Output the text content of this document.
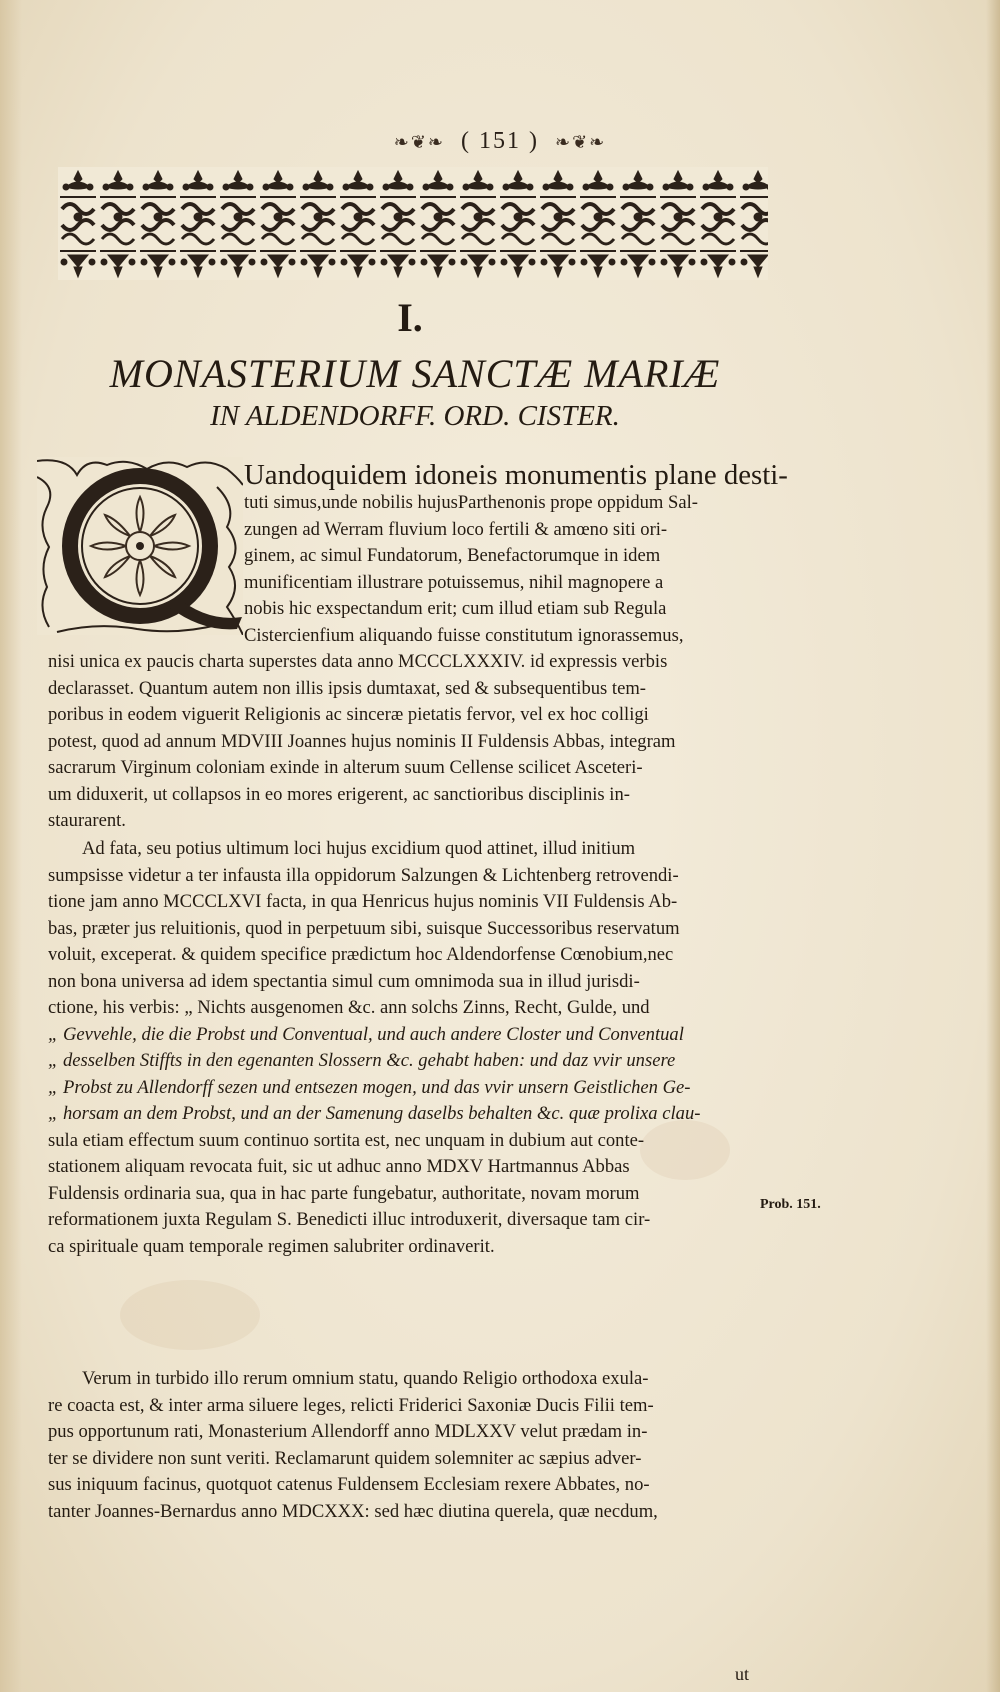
❧❦❧ ( 151 ) ❧❦❧
I.
MONASTERIUM SANCTÆ MARIÆ
IN ALDENDORFF. ORD. CISTER.
Uandoquidem idoneis monumentis plane desti-
tuti simus,unde nobilis hujusParthenonis prope oppidum Sal-
zungen ad Werram fluvium loco fertili & amœno siti ori-
ginem, ac simul Fundatorum, Benefactorumque in idem
munificentiam illustrare potuissemus, nihil magnopere a
nobis hic exspectandum erit; cum illud etiam sub Regula
Cistercienfium aliquando fuisse constitutum ignorassemus,
nisi unica ex paucis charta superstes data anno MCCCLXXXIV. id expressis verbis
declarasset. Quantum autem non illis ipsis dumtaxat, sed & subsequentibus tem-
poribus in eodem viguerit Religionis ac sinceræ pietatis fervor, vel ex hoc colligi
potest, quod ad annum MDVIII Joannes hujus nominis II Fuldensis Abbas, integram
sacrarum Virginum coloniam exinde in alterum suum Cellense scilicet Asceteri-
um diduxerit, ut collapsos in eo mores erigerent, ac sanctioribus disciplinis in-
staurarent.
Ad fata, seu potius ultimum loci hujus excidium quod attinet, illud initium
sumpsisse videtur a ter infausta illa oppidorum Salzungen & Lichtenberg retrovendi-
tione jam anno MCCCLXVI facta, in qua Henricus hujus nominis VII Fuldensis Ab-
bas, præter jus reluitionis, quod in perpetuum sibi, suisque Successoribus reservatum
voluit, exceperat. & quidem specifice prædictum hoc Aldendorfense Cœnobium,nec
non bona universa ad idem spectantia simul cum omnimoda sua in illud jurisdi-
ctione, his verbis: „ Nichts ausgenomen &c. ann solchs Zinns, Recht, Gulde, und
„ Gevvehle, die die Probst und Conventual, und auch andere Closter und Conventual
„ desselben Stiffts in den egenanten Slossern &c. gehabt haben: und daz vvir unsere
„ Probst zu Allendorff sezen und entsezen mogen, und das vvir unsern Geistlichen Ge-
„ horsam an dem Probst, und an der Samenung daselbs behalten &c. quæ prolixa clau-
sula etiam effectum suum continuo sortita est, nec unquam in dubium aut conte-
stationem aliquam revocata fuit, sic ut adhuc anno MDXV Hartmannus Abbas
Fuldensis ordinaria sua, qua in hac parte fungebatur, authoritate, novam morum
reformationem juxta Regulam S. Benedicti illuc introduxerit, diversaque tam cir-
ca spirituale quam temporale regimen salubriter ordinaverit.
Verum in turbido illo rerum omnium statu, quando Religio orthodoxa exula-
re coacta est, & inter arma siluere leges, relicti Friderici Saxoniæ Ducis Filii tem-
pus opportunum rati, Monasterium Allendorff anno MDLXXV velut prædam in-
ter se dividere non sunt veriti. Reclamarunt quidem solemniter ac sæpius adver-
sus iniquum facinus, quotquot catenus Fuldensem Ecclesiam rexere Abbates, no-
tanter Joannes-Bernardus anno MDCXXX: sed hæc diutina querela, quæ necdum,
Prob. 151.
ut
